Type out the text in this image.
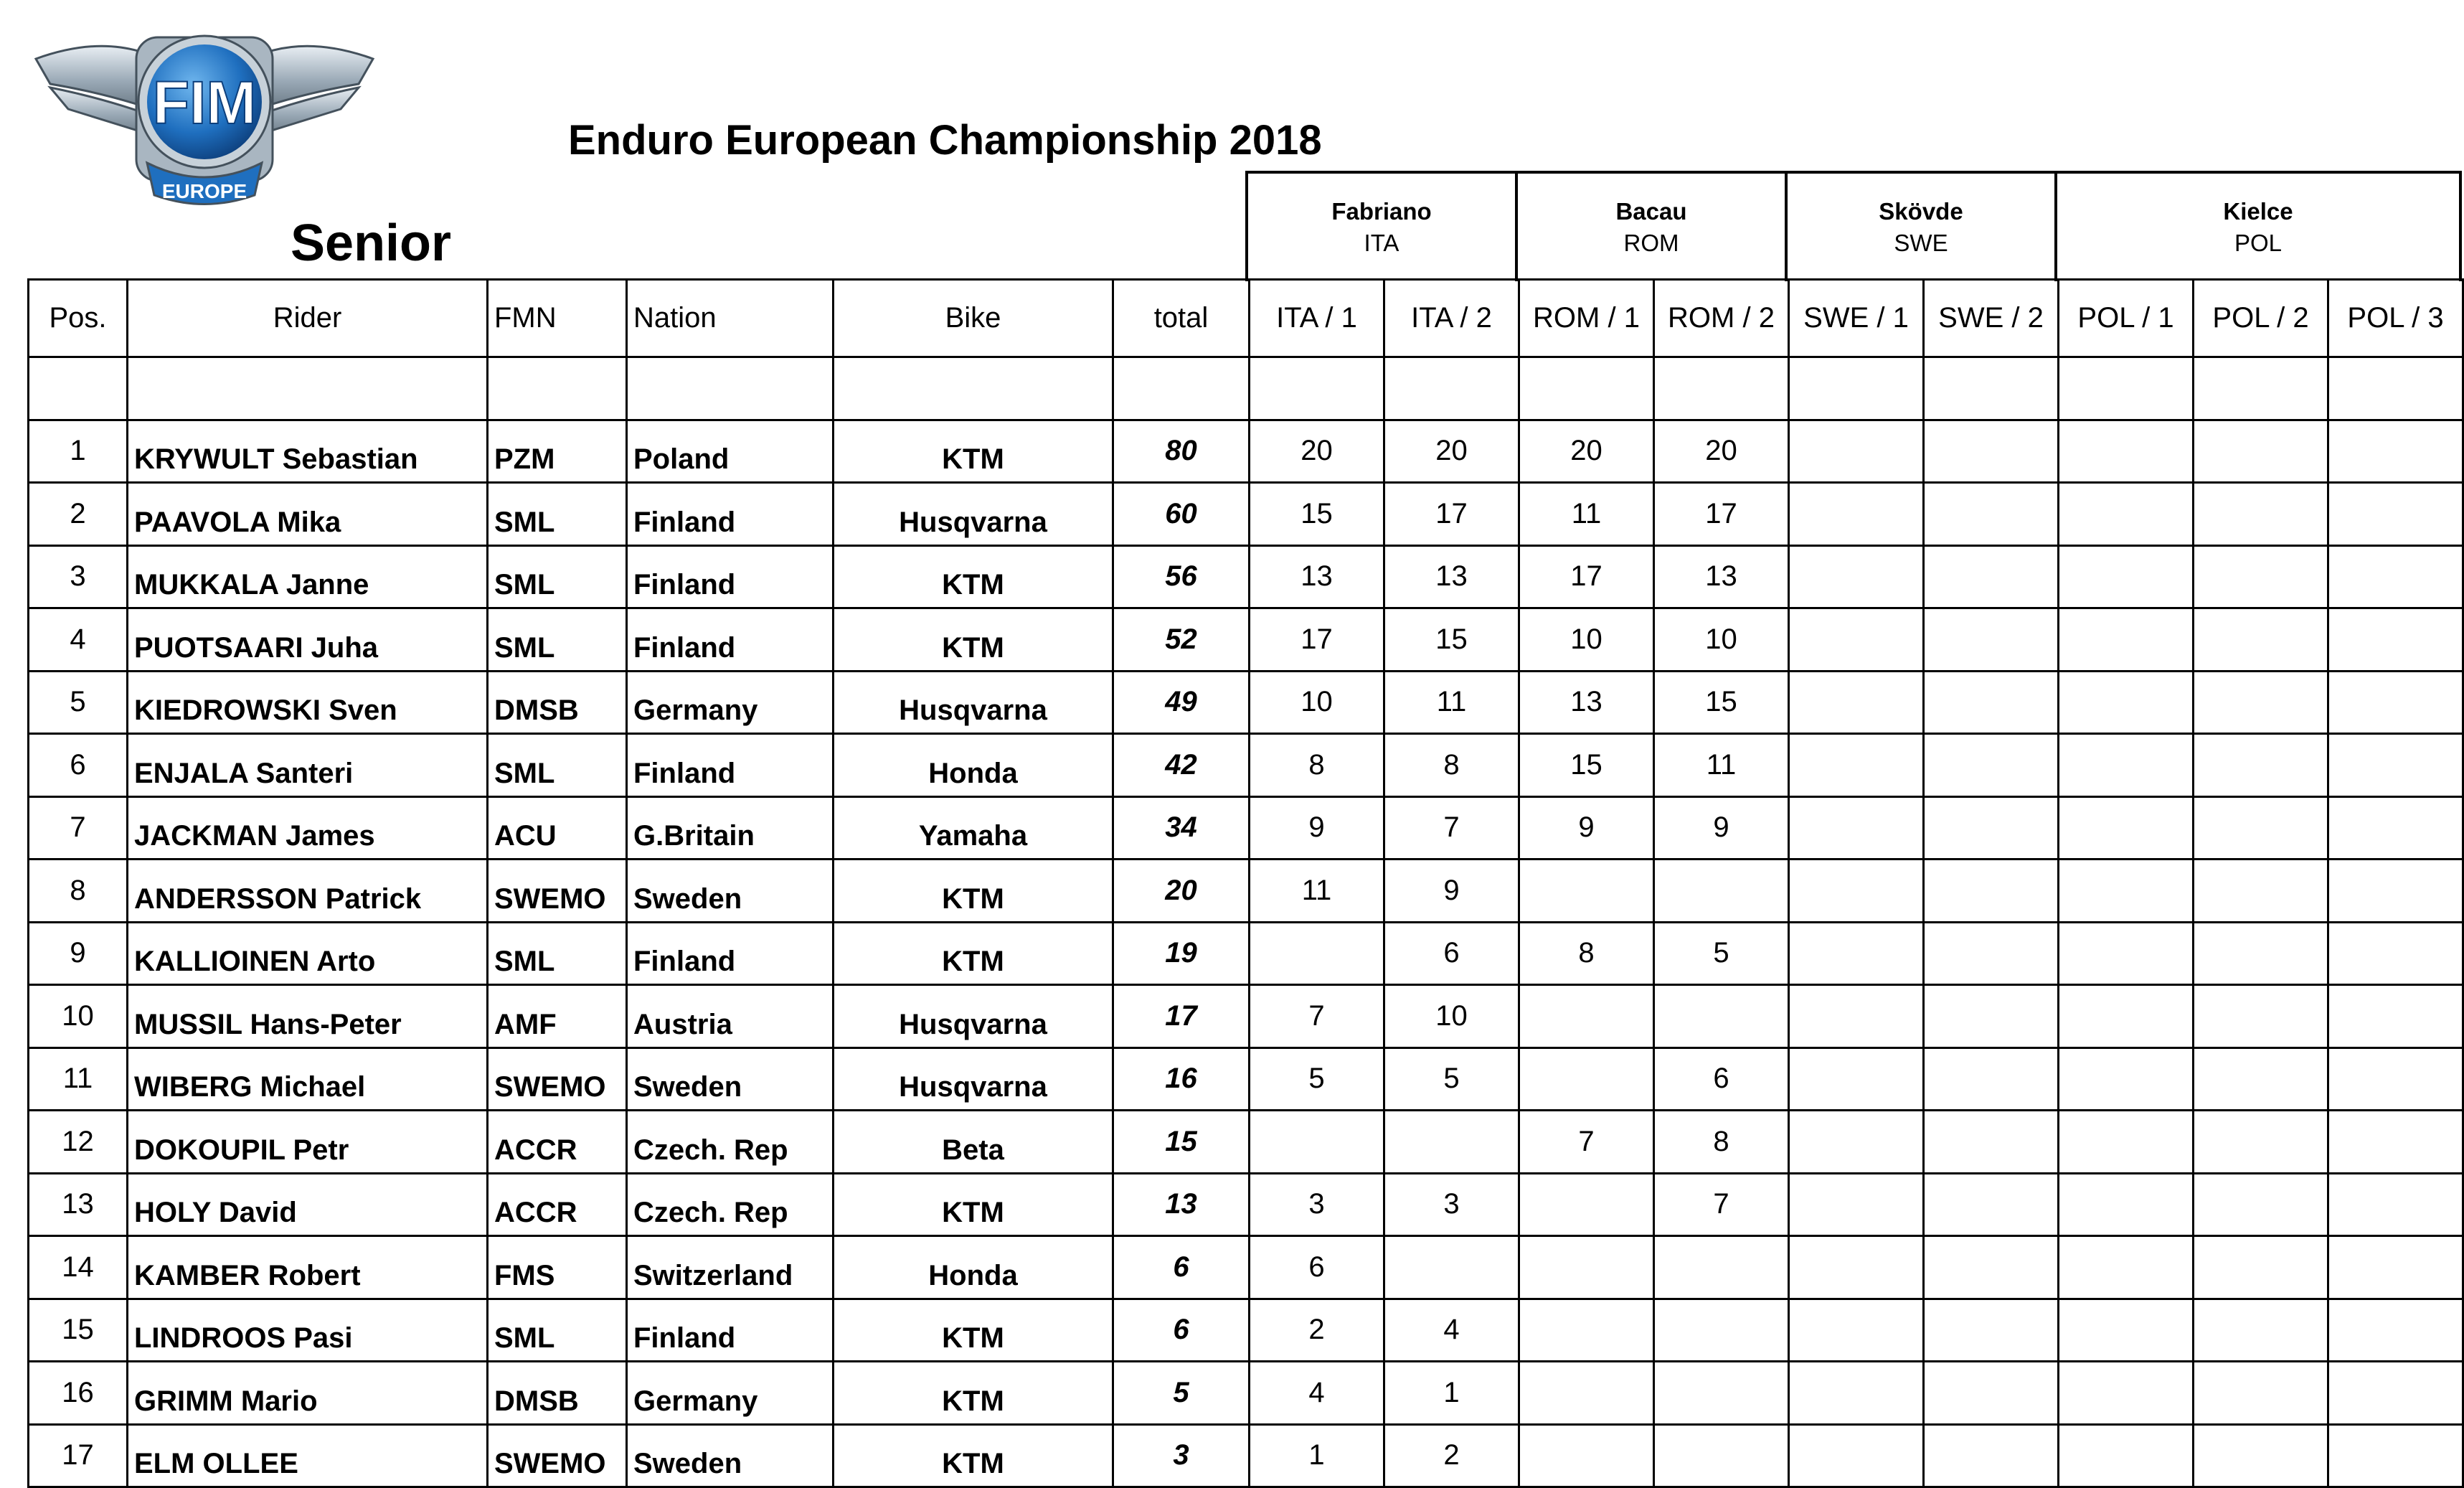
FIM
EUROPE
Enduro European Championship 2018
Senior
Fabriano
ITA
Bacau
ROM
Skövde
SWE
Kielce
POL
Pos.	Rider	FMN	Nation	Bike	total	ITA / 1	ITA / 2	ROM / 1	ROM / 2	SWE / 1	SWE / 2	POL / 1	POL / 2	POL / 3

1	KRYWULT Sebastian	PZM	Poland	KTM	80	20	20	20	20					
2	PAAVOLA Mika	SML	Finland	Husqvarna	60	15	17	11	17					
3	MUKKALA Janne	SML	Finland	KTM	56	13	13	17	13					
4	PUOTSAARI Juha	SML	Finland	KTM	52	17	15	10	10					
5	KIEDROWSKI Sven	DMSB	Germany	Husqvarna	49	10	11	13	15					
6	ENJALA Santeri	SML	Finland	Honda	42	8	8	15	11					
7	JACKMAN James	ACU	G.Britain	Yamaha	34	9	7	9	9					
8	ANDERSSON Patrick	SWEMO	Sweden	KTM	20	11	9							
9	KALLIOINEN Arto	SML	Finland	KTM	19		6	8	5					
10	MUSSIL Hans-Peter	AMF	Austria	Husqvarna	17	7	10							
11	WIBERG Michael	SWEMO	Sweden	Husqvarna	16	5	5		6					
12	DOKOUPIL Petr	ACCR	Czech. Rep	Beta	15			7	8					
13	HOLY David	ACCR	Czech. Rep	KTM	13	3	3		7					
14	KAMBER Robert	FMS	Switzerland	Honda	6	6								
15	LINDROOS Pasi	SML	Finland	KTM	6	2	4							
16	GRIMM Mario	DMSB	Germany	KTM	5	4	1							
17	ELM OLLEE	SWEMO	Sweden	KTM	3	1	2							
